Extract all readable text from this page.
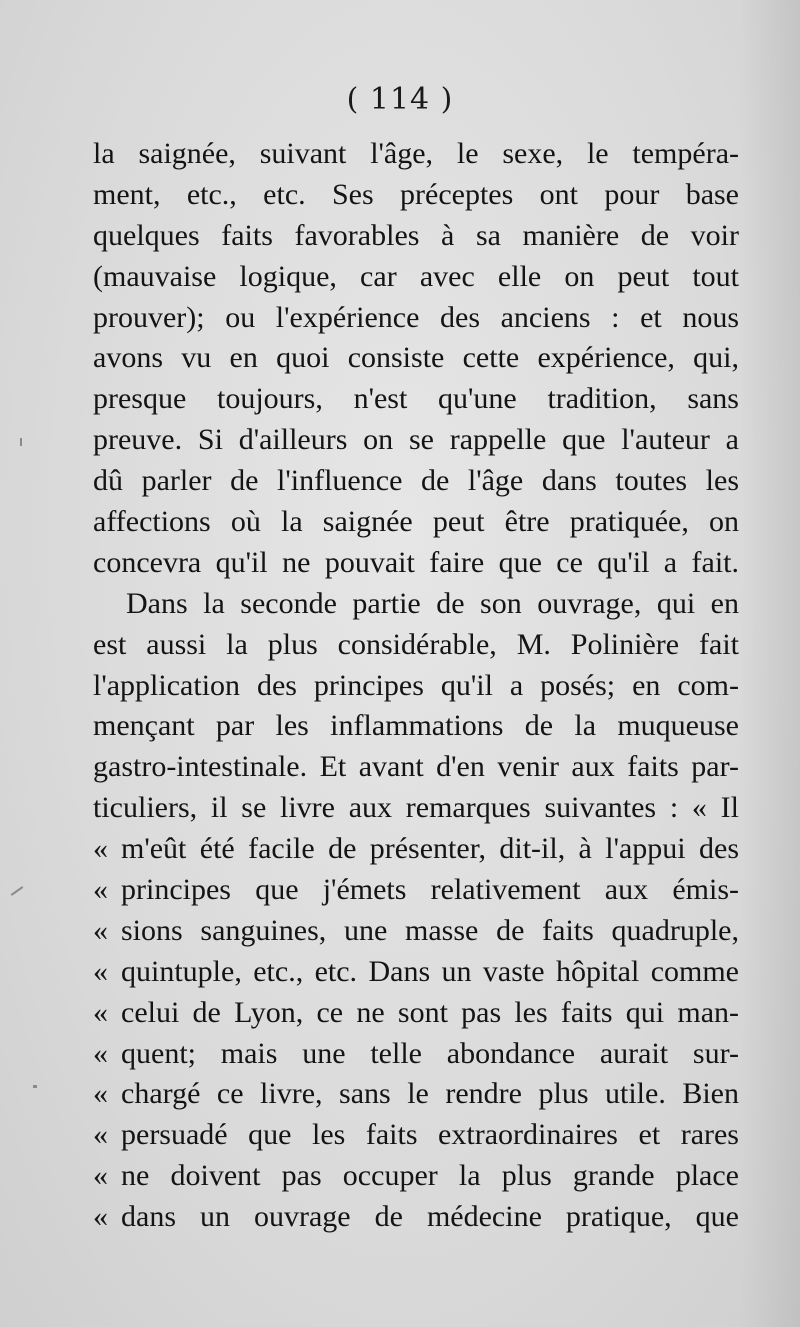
( 114 )
la saignée, suivant l'âge, le sexe, le tempéra-
ment, etc., etc. Ses préceptes ont pour base
quelques faits favorables à sa manière de voir
(mauvaise logique, car avec elle on peut tout
prouver); ou l'expérience des anciens : et nous
avons vu en quoi consiste cette expérience, qui,
presque toujours, n'est qu'une tradition, sans
preuve. Si d'ailleurs on se rappelle que l'auteur a
dû parler de l'influence de l'âge dans toutes les
affections où la saignée peut être pratiquée, on
concevra qu'il ne pouvait faire que ce qu'il a fait.
Dans la seconde partie de son ouvrage, qui en
est aussi la plus considérable, M. Polinière fait
l'application des principes qu'il a posés; en com-
mençant par les inflammations de la muqueuse
gastro-intestinale. Et avant d'en venir aux faits par-
ticuliers, il se livre aux remarques suivantes : « Il
« m'eût été facile de présenter, dit-il, à l'appui des
« principes que j'émets relativement aux émis-
« sions sanguines, une masse de faits quadruple,
« quintuple, etc., etc. Dans un vaste hôpital comme
« celui de Lyon, ce ne sont pas les faits qui man-
« quent; mais une telle abondance aurait sur-
« chargé ce livre, sans le rendre plus utile. Bien
« persuadé que les faits extraordinaires et rares
« ne doivent pas occuper la plus grande place
« dans un ouvrage de médecine pratique, que
